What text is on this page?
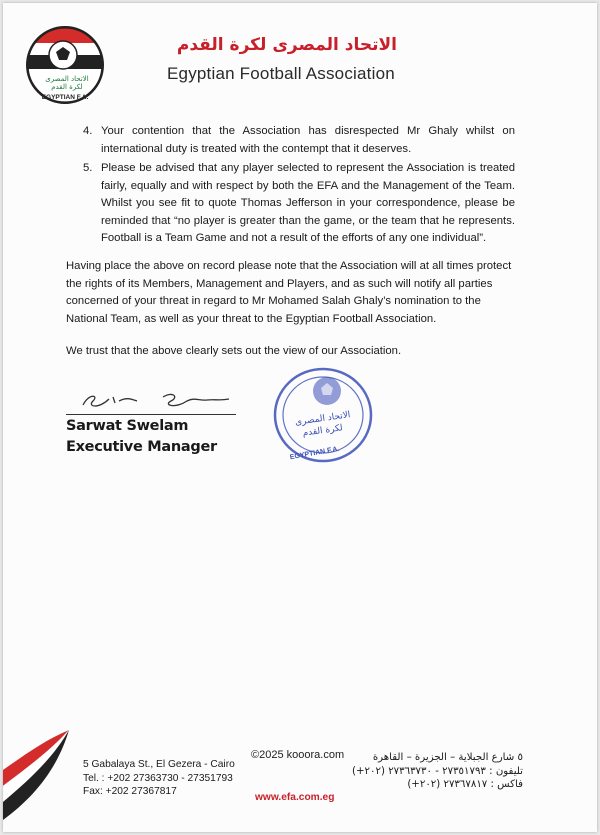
الاتحاد المصرى
لكرة القدم
EGYPTIAN F.A.
الاتحاد المصرى لكرة القدم
Egyptian Football Association
4. Your contention that the Association has disrespected Mr Ghaly whilst on international duty is treated with the contempt that it deserves.
5. Please be advised that any player selected to represent the Association is treated fairly, equally and with respect by both the EFA and the Management of the Team. Whilst you see fit to quote Thomas Jefferson in your correspondence, please be reminded that “no player is greater than the game, or the team that he represents. Football is a Team Game and not a result of the efforts of any one individual”.

Having place the above on record please note that the Association will at all times protect the rights of its Members, Management and Players, and as such will notify all parties concerned of your threat in regard to Mr Mohamed Salah Ghaly’s nomination to the National Team, as well as your threat to the Egyptian Football Association.

We trust that the above clearly sets out the view of our Association.

Sarwat Swelam
Executive Manager
الاتحاد المصرى
لكرة القدم
EGYPTIAN F.A.
5 Gabalaya St., El Gezera - Cairo
Tel. : +202 27363730 - 27351793
Fax: +202 27367817
٥ شارع الجبلاية – الجزيرة – القاهرة
تليفون : ٢٧٣٥١٧٩٣ - ٢٧٣٦٣٧٣٠ (٢٠٢+)
فاكس : ٢٧٣٦٧٨١٧ (٢٠٢+)
©2025 kooora.com
www.efa.com.eg
